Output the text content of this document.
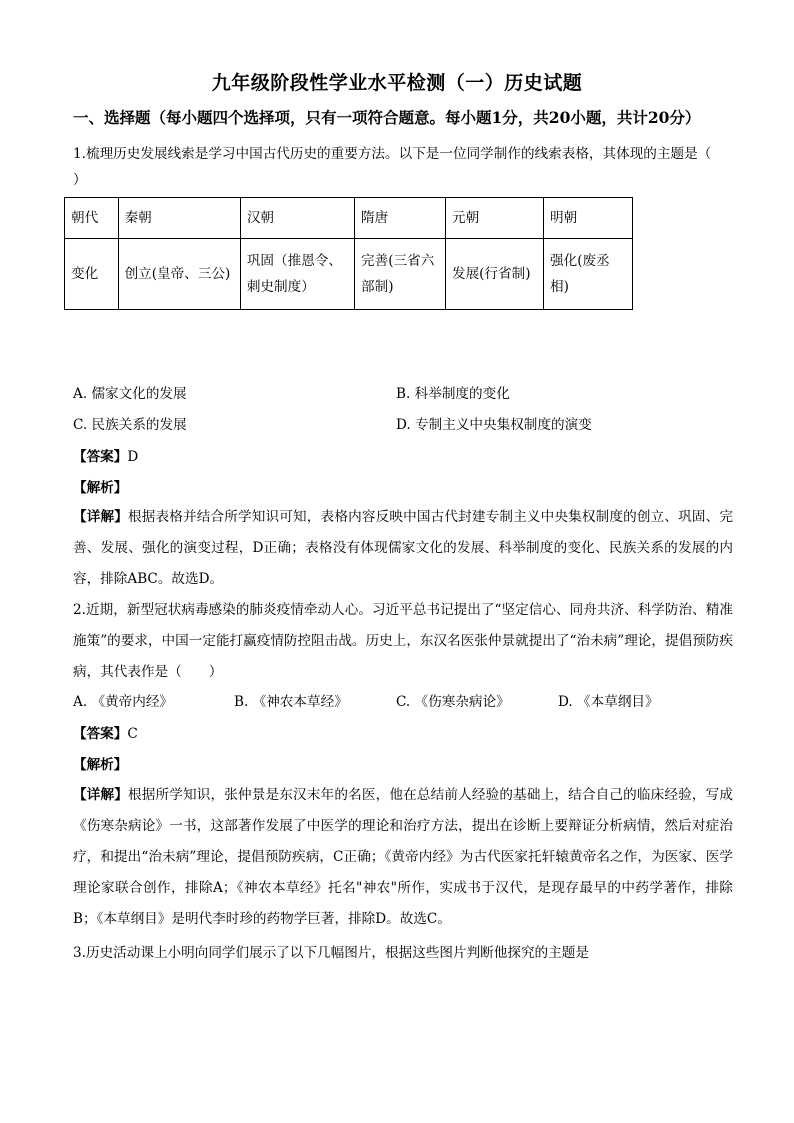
九年级阶段性学业水平检测（一）历史试题
一、选择题（每小题四个选择项，只有一项符合题意。每小题1分，共20小题，共计20分）
1.梳理历史发展线索是学习中国古代历史的重要方法。以下是一位同学制作的线索表格，其体现的主题是（
）
朝代	秦朝	汉朝	隋唐	元朝	明朝
变化	创立(皇帝、三公)	巩固（推恩令、刺史制度）	完善(三省六部制)	发展(行省制)	强化(废丞相)
A. 儒家文化的发展	B. 科举制度的变化
C. 民族关系的发展	D. 专制主义中央集权制度的演变
【答案】D
【解析】
【详解】根据表格并结合所学知识可知，表格内容反映中国古代封建专制主义中央集权制度的创立、巩固、完善、发展、强化的演变过程，D正确；表格没有体现儒家文化的发展、科举制度的变化、民族关系的发展的内容，排除ABC。故选D。
2.近期，新型冠状病毒感染的肺炎疫情牵动人心。习近平总书记提出了“坚定信心、同舟共济、科学防治、精准施策”的要求，中国一定能打赢疫情防控阻击战。历史上，东汉名医张仲景就提出了“治未病”理论，提倡预防疾病，其代表作是（　　）
A. 《黄帝内经》	B. 《神农本草经》	C. 《伤寒杂病论》	D. 《本草纲目》
【答案】C
【解析】
【详解】根据所学知识，张仲景是东汉末年的名医，他在总结前人经验的基础上，结合自己的临床经验，写成《伤寒杂病论》一书，这部著作发展了中医学的理论和治疗方法，提出在诊断上要辩证分析病情，然后对症治疗，和提出“治未病”理论，提倡预防疾病，C正确；《黄帝内经》为古代医家托轩辕黄帝名之作，为医家、医学理论家联合创作，排除A；《神农本草经》托名"神农"所作，实成书于汉代，是现存最早的中药学著作，排除B；《本草纲目》是明代李时珍的药物学巨著，排除D。故选C。
3.历史活动课上小明向同学们展示了以下几幅图片，根据这些图片判断他探究的主题是
